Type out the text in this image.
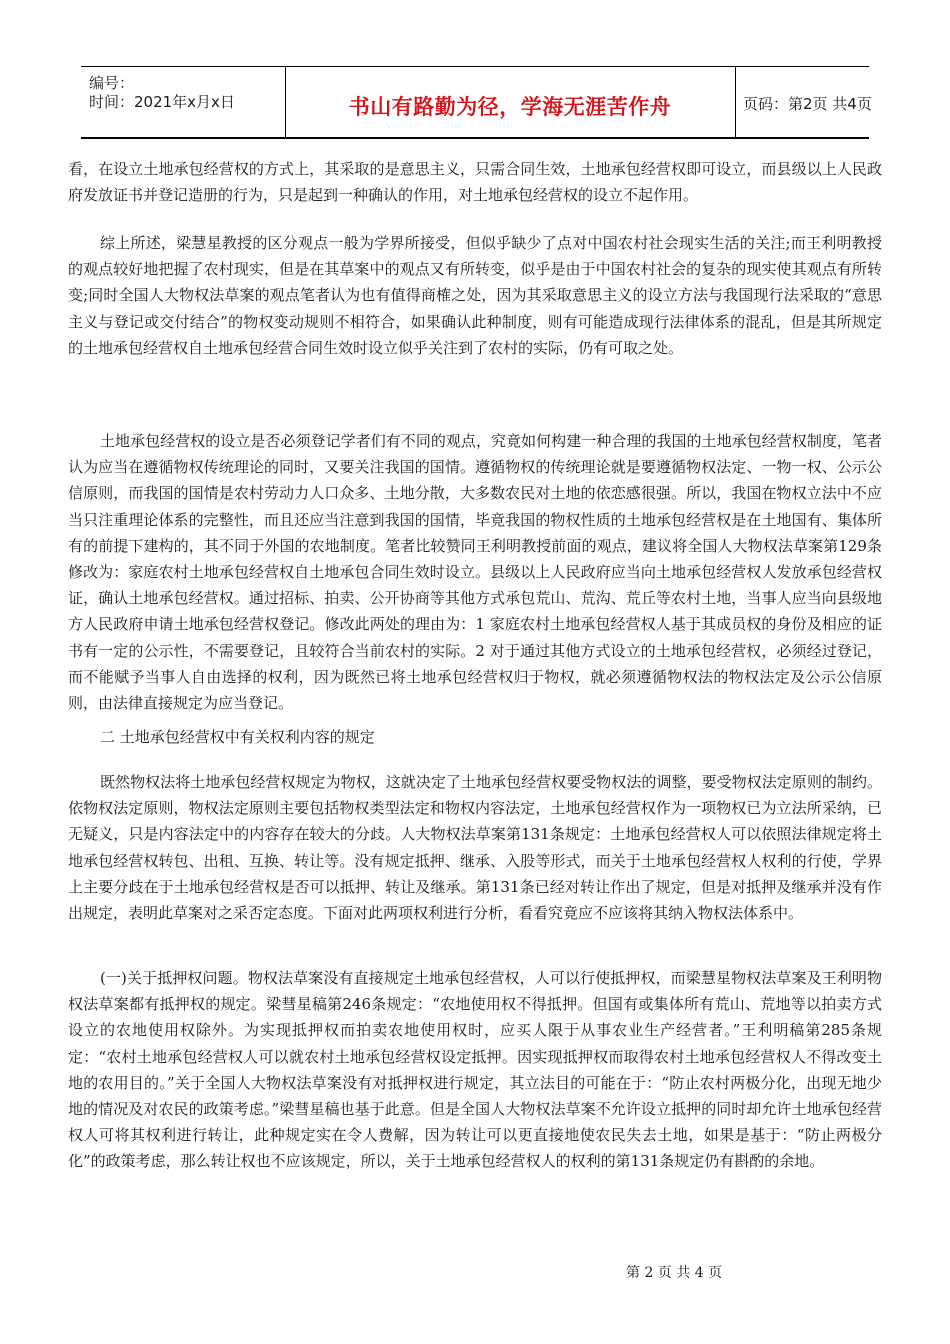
编号：
时间：2021年x月x日	书山有路勤为径，学海无涯苦作舟	页码：第2页 共4页

看，在设立土地承包经营权的方式上，其采取的是意思主义，只需合同生效，土地承包经营权即可设立，而县级以上人民政府发放证书并登记造册的行为，只是起到一种确认的作用，对土地承包经营权的设立不起作用。

综上所述，梁慧星教授的区分观点一般为学界所接受，但似乎缺少了点对中国农村社会现实生活的关注;而王利明教授的观点较好地把握了农村现实，但是在其草案中的观点又有所转变，似乎是由于中国农村社会的复杂的现实使其观点有所转变;同时全国人大物权法草案的观点笔者认为也有值得商榷之处，因为其采取意思主义的设立方法与我国现行法采取的“意思主义与登记或交付结合”的物权变动规则不相符合，如果确认此种制度，则有可能造成现行法律体系的混乱，但是其所规定的土地承包经营权自土地承包经营合同生效时设立似乎关注到了农村的实际，仍有可取之处。

土地承包经营权的设立是否必须登记学者们有不同的观点，究竟如何构建一种合理的我国的土地承包经营权制度，笔者认为应当在遵循物权传统理论的同时，又要关注我国的国情。遵循物权的传统理论就是要遵循物权法定、一物一权、公示公信原则，而我国的国情是农村劳动力人口众多、土地分散，大多数农民对土地的依恋感很强。所以，我国在物权立法中不应当只注重理论体系的完整性，而且还应当注意到我国的国情，毕竟我国的物权性质的土地承包经营权是在土地国有、集体所有的前提下建构的，其不同于外国的农地制度。笔者比较赞同王利明教授前面的观点，建议将全国人大物权法草案第129条修改为：家庭农村土地承包经营权自土地承包合同生效时设立。县级以上人民政府应当向土地承包经营权人发放承包经营权证，确认土地承包经营权。通过招标、拍卖、公开协商等其他方式承包荒山、荒沟、荒丘等农村土地，当事人应当向县级地方人民政府申请土地承包经营权登记。修改此两处的理由为：1 家庭农村土地承包经营权人基于其成员权的身份及相应的证书有一定的公示性，不需要登记，且较符合当前农村的实际。2 对于通过其他方式设立的土地承包经营权，必须经过登记，而不能赋予当事人自由选择的权利，因为既然已将土地承包经营权归于物权，就必须遵循物权法的物权法定及公示公信原则，由法律直接规定为应当登记。

二 土地承包经营权中有关权利内容的规定

既然物权法将土地承包经营权规定为物权，这就决定了土地承包经营权要受物权法的调整，要受物权法定原则的制约。依物权法定原则，物权法定原则主要包括物权类型法定和物权内容法定，土地承包经营权作为一项物权已为立法所采纳，已无疑义，只是内容法定中的内容存在较大的分歧。人大物权法草案第131条规定：土地承包经营权人可以依照法律规定将土地承包经营权转包、出租、互换、转让等。没有规定抵押、继承、入股等形式，而关于土地承包经营权人权利的行使，学界上主要分歧在于土地承包经营权是否可以抵押、转让及继承。第131条已经对转让作出了规定，但是对抵押及继承并没有作出规定，表明此草案对之采否定态度。下面对此两项权利进行分析，看看究竟应不应该将其纳入物权法体系中。

(一)关于抵押权问题。物权法草案没有直接规定土地承包经营权，人可以行使抵押权，而梁慧星物权法草案及王利明物权法草案都有抵押权的规定。梁彗星稿第246条规定：“农地使用权不得抵押。但国有或集体所有荒山、荒地等以拍卖方式设立的农地使用权除外。为实现抵押权而拍卖农地使用权时，应买人限于从事农业生产经营者。”王利明稿第285条规定：“农村土地承包经营权人可以就农村土地承包经营权设定抵押。因实现抵押权而取得农村土地承包经营权人不得改变土地的农用目的。”关于全国人大物权法草案没有对抵押权进行规定，其立法目的可能在于：“防止农村两极分化，出现无地少地的情况及对农民的政策考虑。”梁彗星稿也基于此意。但是全国人大物权法草案不允许设立抵押的同时却允许土地承包经营权人可将其权利进行转让，此种规定实在令人费解，因为转让可以更直接地使农民失去土地，如果是基于：“防止两极分化”的政策考虑，那么转让权也不应该规定，所以，关于土地承包经营权人的权利的第131条规定仍有斟酌的余地。

第 2 页 共 4 页
